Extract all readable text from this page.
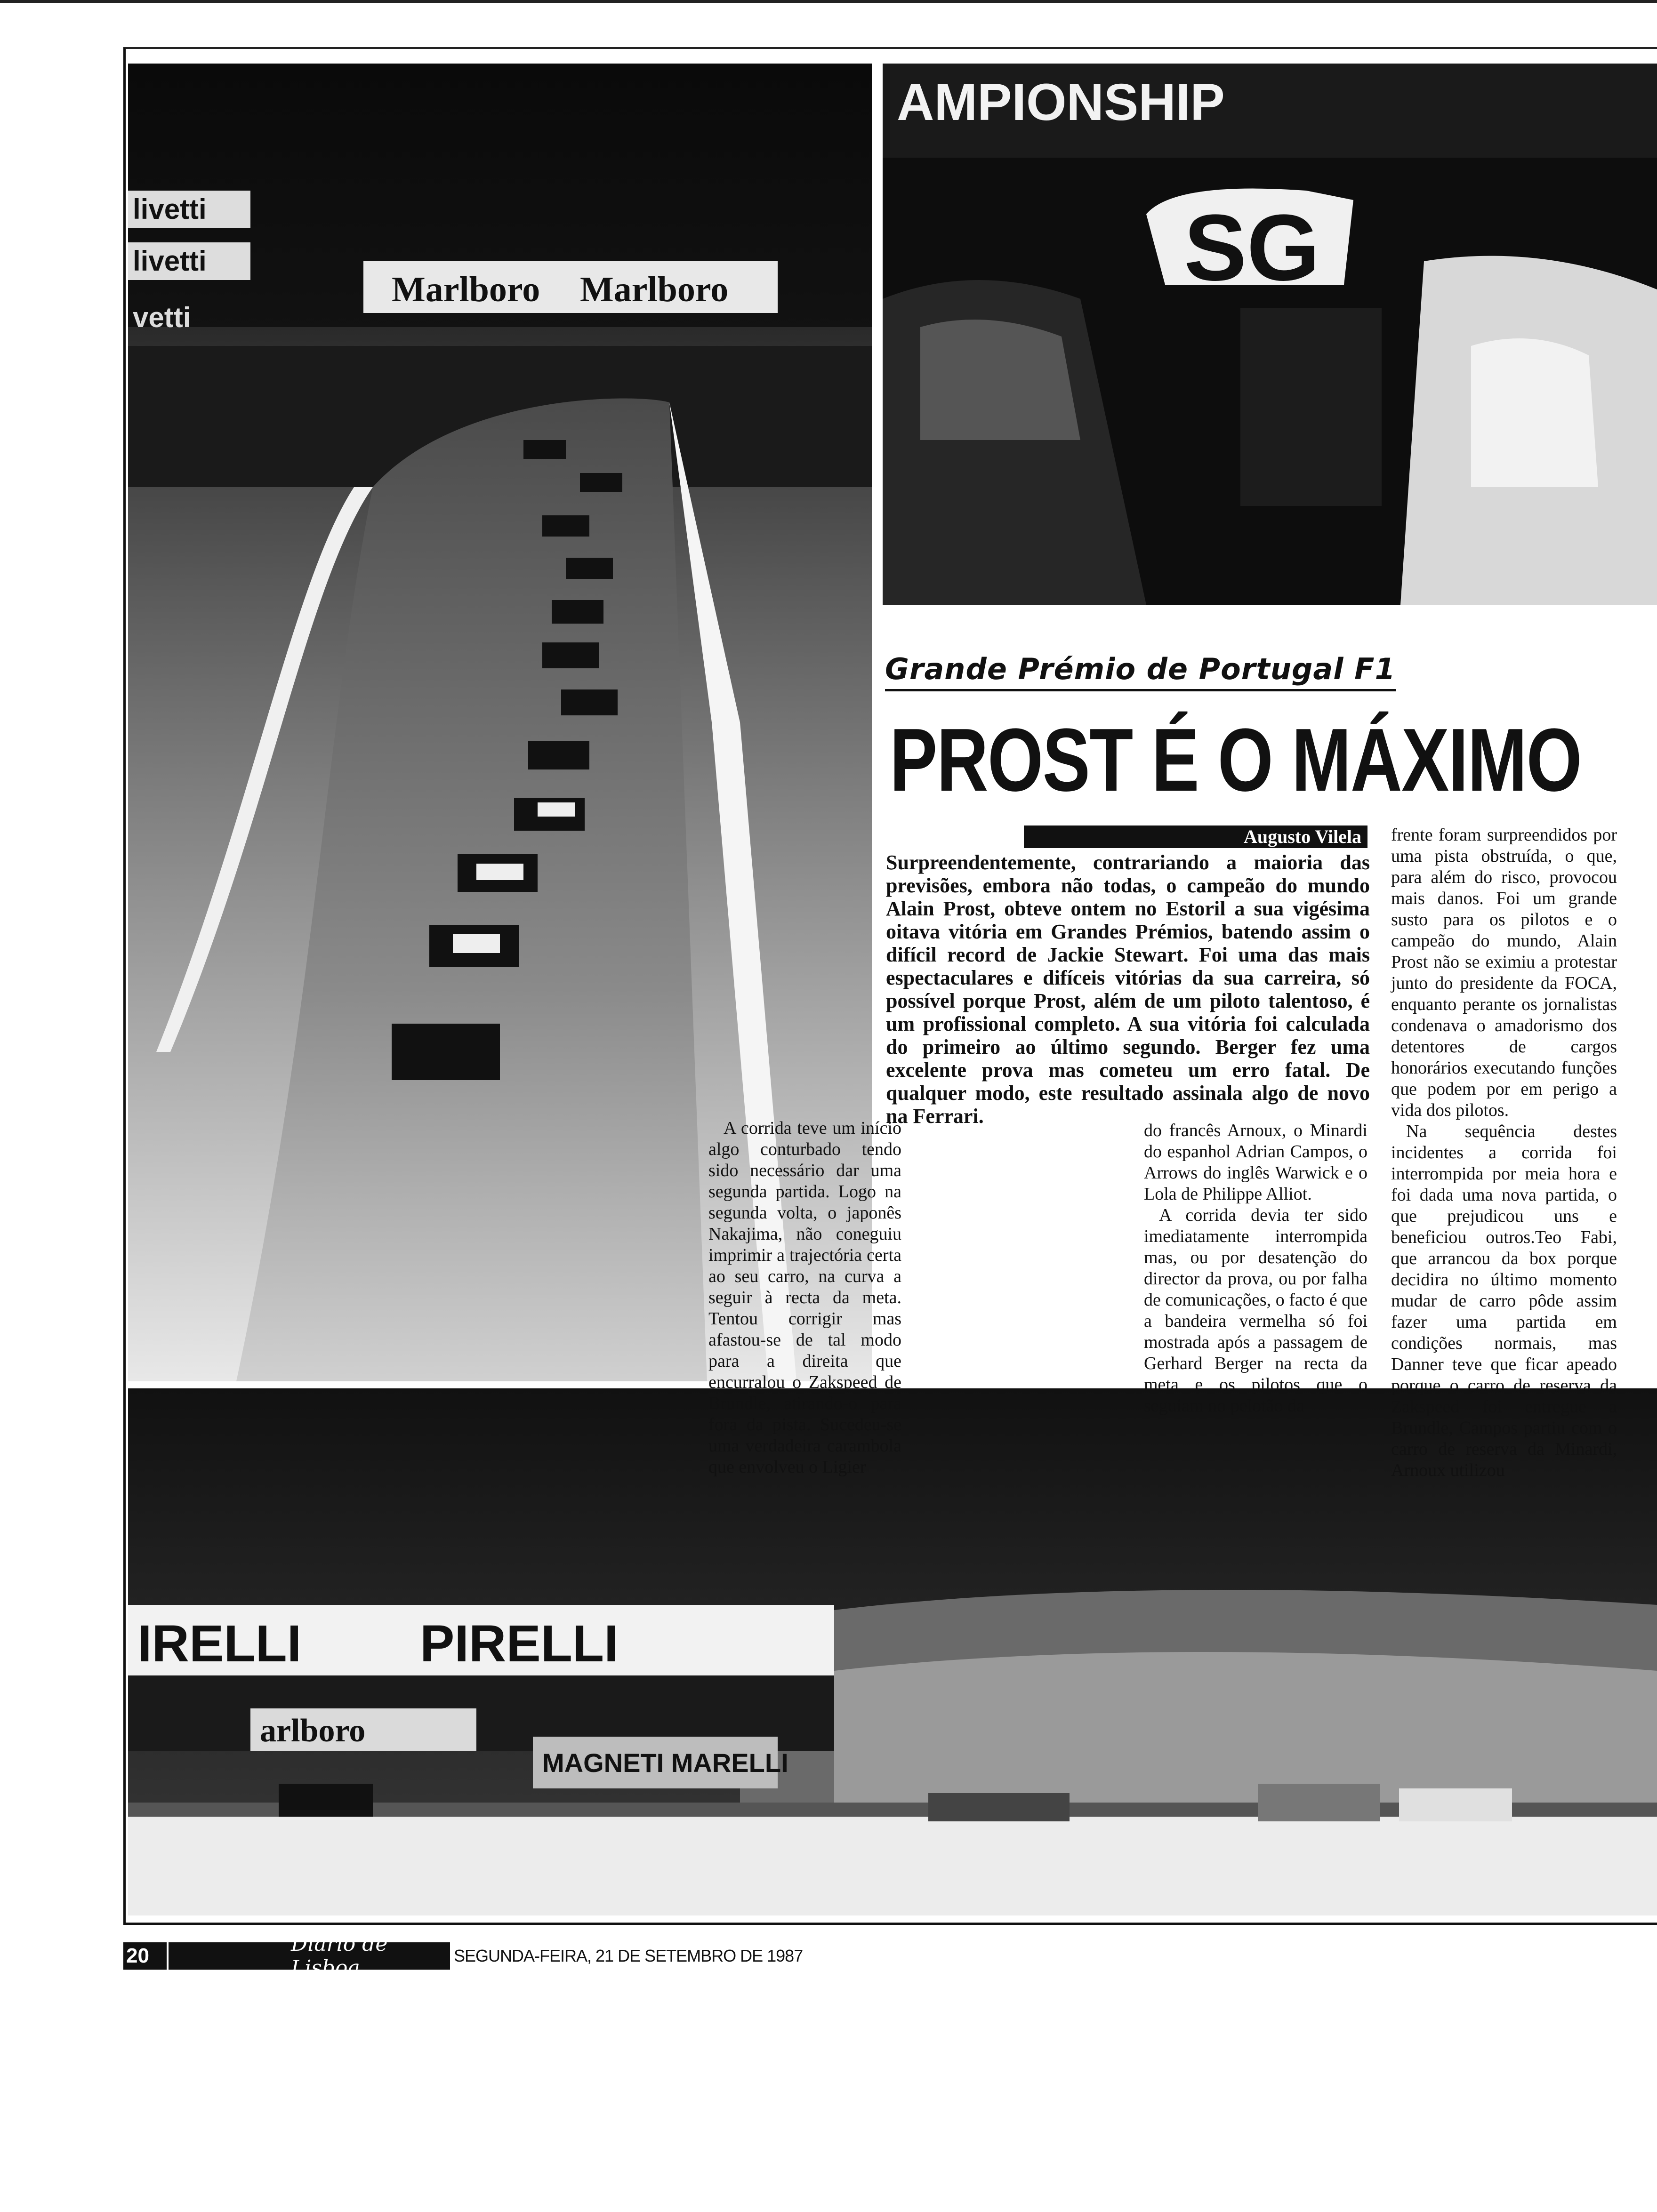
Marlboro Marlboro
livetti
livetti
vetti
AMPIONSHIP
SG
IRELLI PIRELLI
arlboro
MAGNETI MARELLI
Grande Prémio de Portugal F1
PROST É O MÁXIMO
Augusto Vilela
Surpreendentemente, contrariando a maioria das previsões, embora não todas, o campeão do mundo Alain Prost, obteve ontem no Estoril a sua vigésima oitava vitória em Grandes Prémios, batendo assim o difícil record de Jackie Stewart. Foi uma das mais espectaculares e difíceis vitórias da sua carreira, só possível porque Prost, além de um piloto talentoso, é um profissional completo. A sua vitória foi calculada do primeiro ao último segundo. Berger fez uma excelente prova mas cometeu um erro fatal. De qualquer modo, este resultado assinala algo de novo na Ferrari.

A corrida teve um início algo conturbado tendo sido necessário dar uma segunda partida. Logo na segunda volta, o japonês Nakajima, não coneguiu imprimir a trajectória certa ao seu carro, na curva a seguir à recta da meta. Tentou corrigir mas afastou-se de tal modo para a direita que encurralou o Zakspeed de Brundle, atirando-o para fora da pista. Sucedeu-se uma verdadeira carambola que envolveu o Ligier

do francês Arnoux, o Minardi do espanhol Adrian Campos, o Arrows do inglês Warwick e o Lola de Philippe Alliot.

A corrida devia ter sido imediatamente interrompida mas, ou por desatenção do director da prova, ou por falha de comunicações, o facto é que a bandeira vermelha só foi mostrada após a passagem de Gerhard Berger na recta da meta e os pilotos que o seguiam no pelotão da

frente foram surpreendidos por uma pista obstruída, o que, para além do risco, provocou mais danos. Foi um grande susto para os pilotos e o campeão do mundo, Alain Prost não se eximiu a protestar junto do presidente da FOCA, enquanto perante os jornalistas condenava o amadorismo dos detentores de cargos honorários executando funções que podem por em perigo a vida dos pilotos.

Na sequência destes incidentes a corrida foi interrompida por meia hora e foi dada uma nova partida, o que prejudicou uns e beneficiou outros.Teo Fabi, que arrancou da box porque decidira no último momento mudar de carro pôde assim fazer uma partida em condições normais, mas Danner teve que ficar apeado porque o carro de reserva da Zakspeed foi entregue a Brundle, Campos partiu com o carro de reserva da Minardi, Arnoux utilizou

20	Diario de Lisboa
SEGUNDA-FEIRA, 21 DE SETEMBRO DE 1987
